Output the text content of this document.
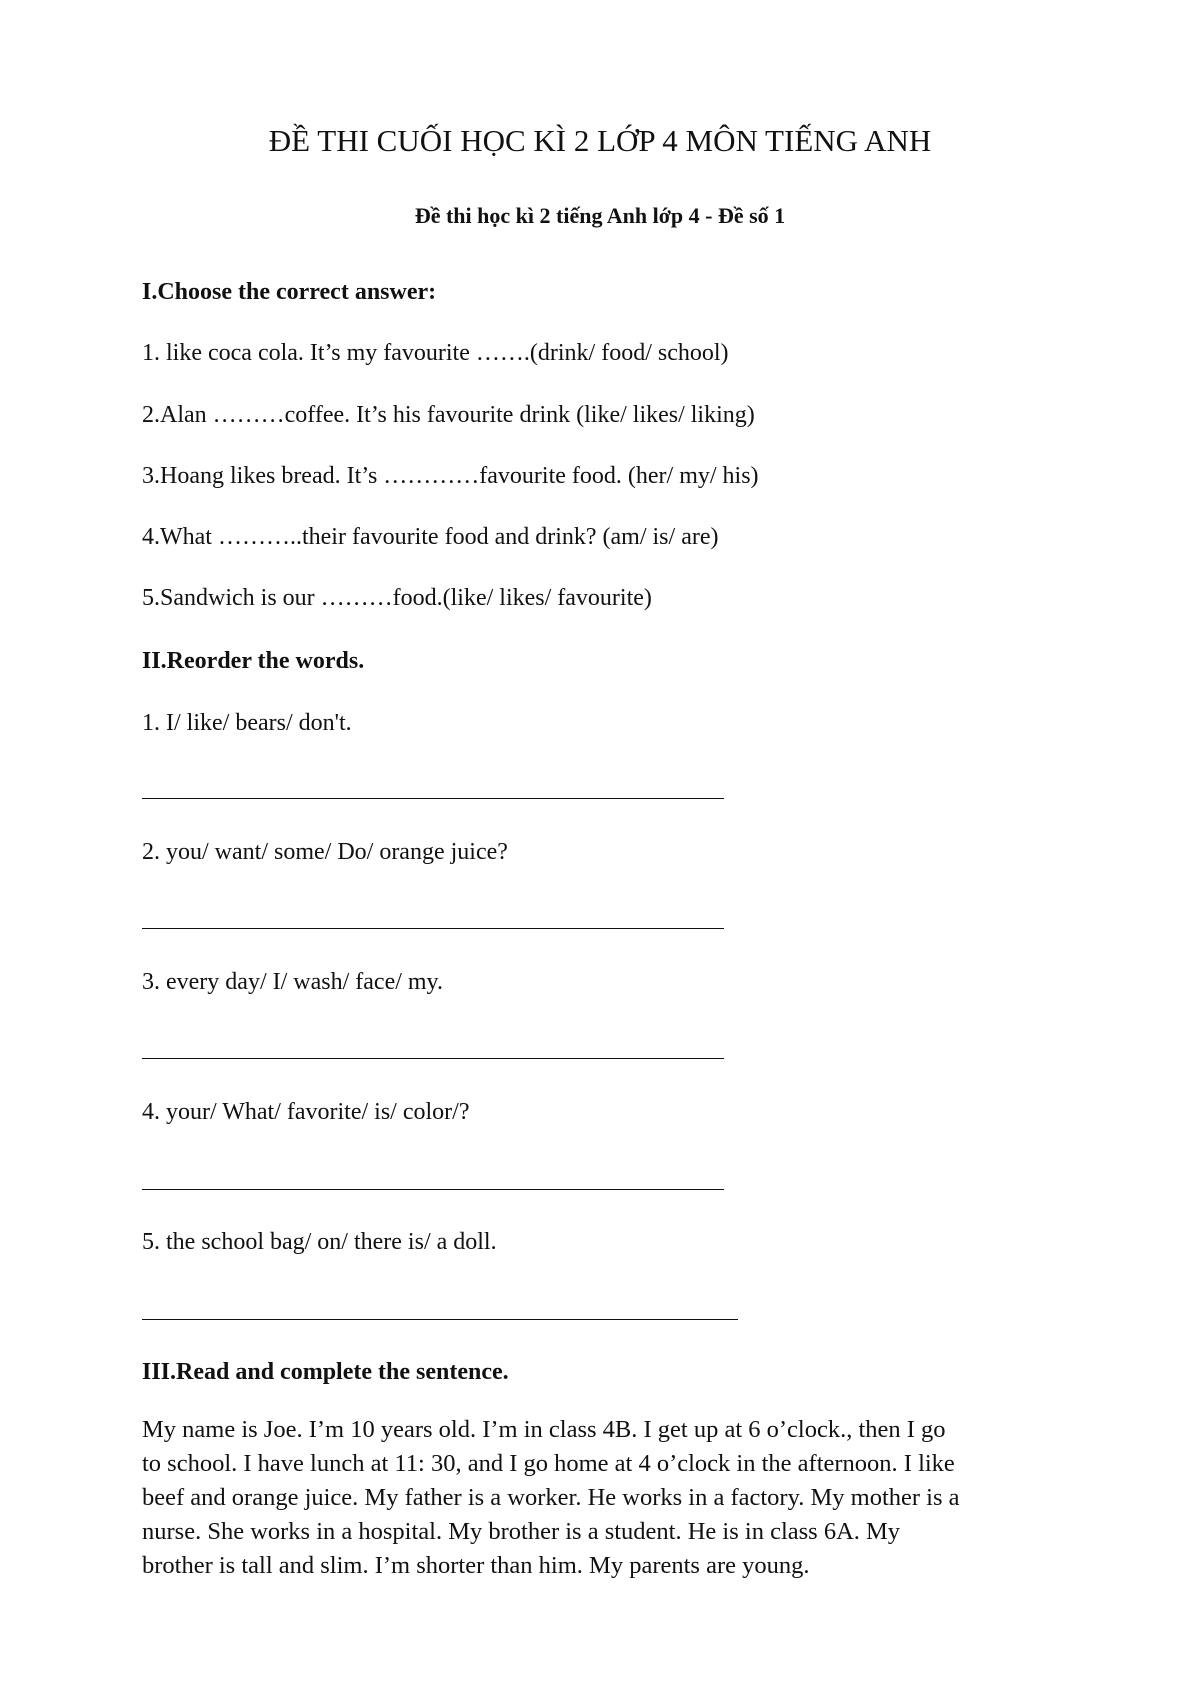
ĐỀ THI CUỐI HỌC KÌ 2 LỚP 4 MÔN TIẾNG ANH
Đề thi học kì 2 tiếng Anh lớp 4 - Đề số 1
I.Choose the correct answer:
1. like coca cola. It’s my favourite …….(drink/ food/ school)
2.Alan ………coffee. It’s his favourite drink (like/ likes/ liking)
3.Hoang likes bread. It’s …………favourite food. (her/ my/ his)
4.What ………..their favourite food and drink? (am/ is/ are)
5.Sandwich is our ………food.(like/ likes/ favourite)
II.Reorder the words.
1. I/ like/ bears/ don't.
2. you/ want/ some/ Do/ orange juice?
3. every day/ I/ wash/ face/ my.
4. your/ What/ favorite/ is/ color/?
5. the school bag/ on/ there is/ a doll.
III.Read and complete the sentence.
My name is Joe. I’m 10 years old. I’m in class 4B. I get up at 6 o’clock., then I go
to school. I have lunch at 11: 30, and I go home at 4 o’clock in the afternoon. I like
beef and orange juice. My father is a worker. He works in a factory. My mother is a
nurse. She works in a hospital. My brother is a student. He is in class 6A. My
brother is tall and slim. I’m shorter than him. My parents are young.
